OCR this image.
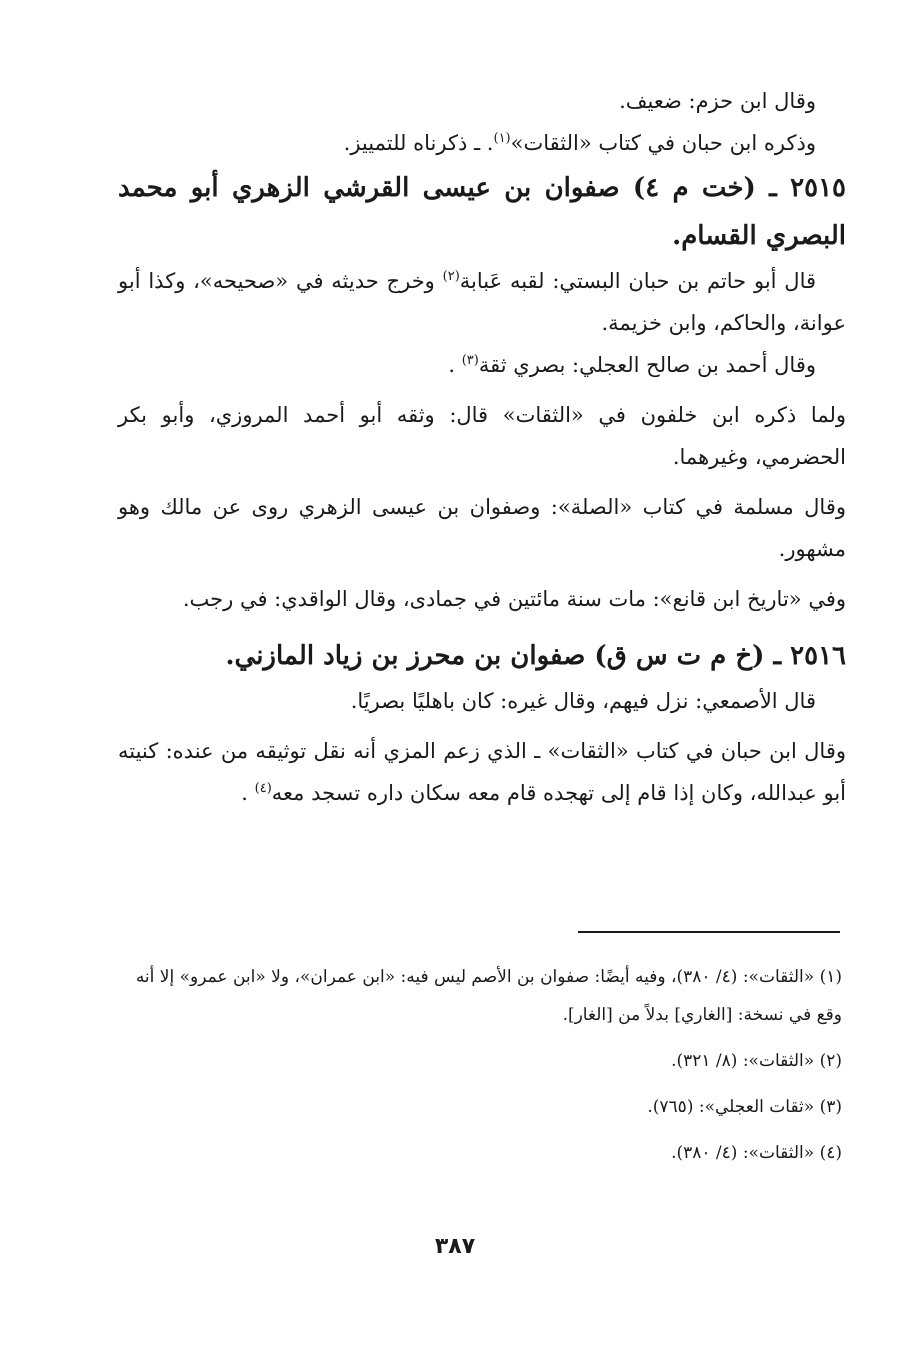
وقال ابن حزم: ضعيف.

وذكره ابن حبان في كتاب «الثقات»$^{(١)}$. ـ ذكرناه للتمييز.

٢٥١٥ ـ (خت م ٤) صفوان بن عيسى القرشي الزهري أبو محمد البصري القسام.

قال أبو حاتم بن حبان البستي: لقبه عَبابة$^{(٢)}$ وخرج حديثه في «صحيحه»، وكذا أبو عوانة، والحاكم، وابن خزيمة.

وقال أحمد بن صالح العجلي: بصري ثقة$^{(٣)}$ .

ولما ذكره ابن خلفون في «الثقات» قال: وثقه أبو أحمد المروزي، وأبو بكر الحضرمي، وغيرهما.

وقال مسلمة في كتاب «الصلة»: وصفوان بن عيسى الزهري روى عن مالك وهو مشهور.

وفي «تاريخ ابن قانع»: مات سنة مائتين في جمادى، وقال الواقدي: في رجب.

٢٥١٦ ـ (خ م ت س ق) صفوان بن محرز بن زياد المازني.

قال الأصمعي: نزل فيهم، وقال غيره: كان باهليًا بصريًا.

وقال ابن حبان في كتاب «الثقات» ـ الذي زعم المزي أنه نقل توثيقه من عنده: كنيته أبو عبدالله، وكان إذا قام إلى تهجده قام معه سكان داره تسجد معه$^{(٤)}$ .

(١) «الثقات»: (٤/ ٣٨٠)، وفيه أيضًا: صفوان بن الأصم ليس فيه: «ابن عمران»، ولا «ابن عمرو» إلا أنه وقع في نسخة: [الغاري] بدلاً من [الغار].

(٢) «الثقات»: (٨/ ٣٢١).

(٣) «ثقات العجلي»: (٧٦٥).

(٤) «الثقات»: (٤/ ٣٨٠).

٣٨٧
